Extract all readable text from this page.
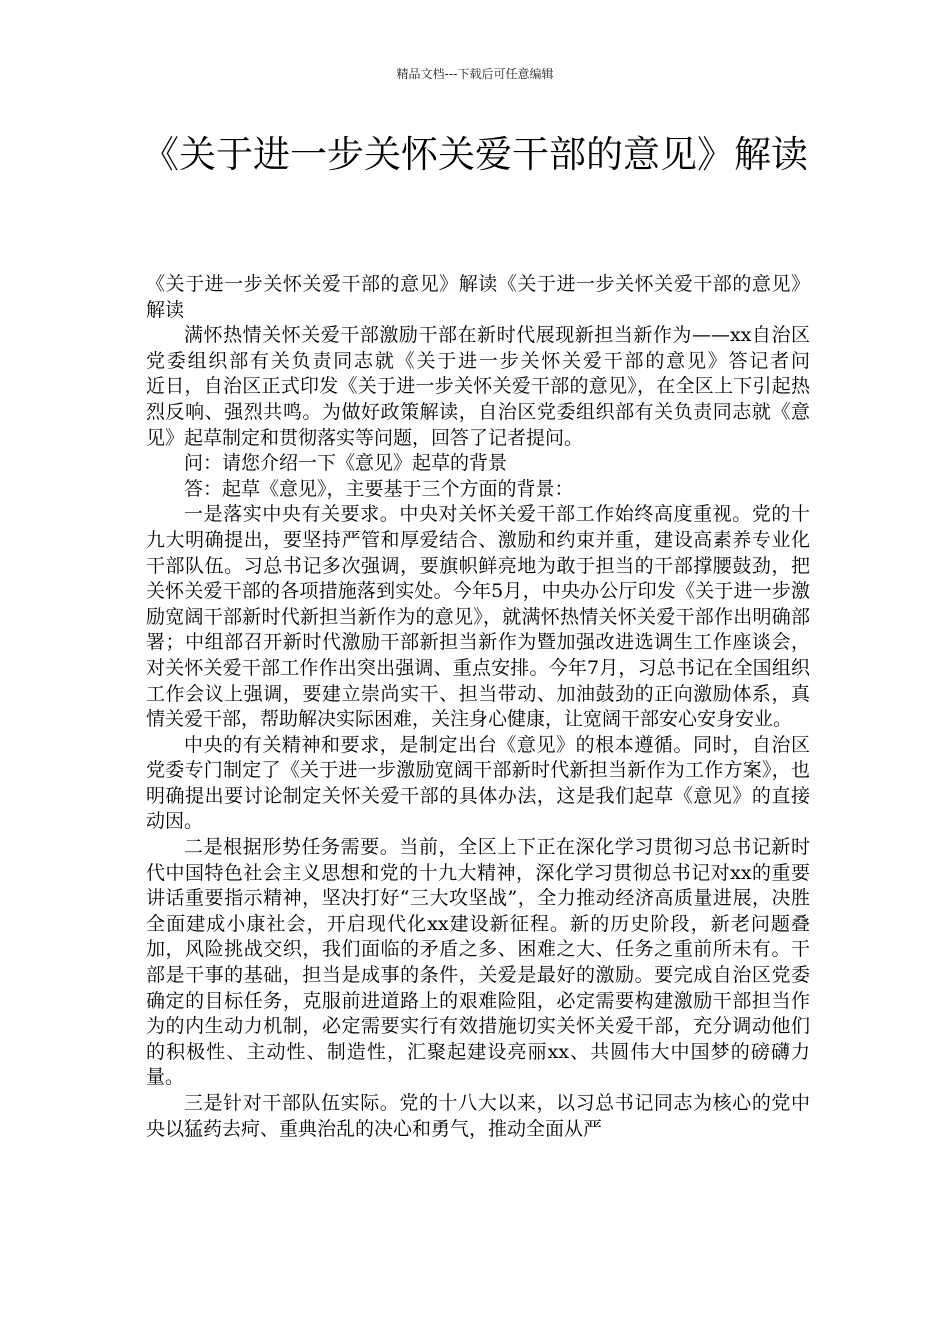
精品文档---下载后可任意编辑
《关于进一步关怀关爱干部的意见》解读

《关于进一步关怀关爱干部的意见》解读《关于进一步关怀关爱干部的意见》解读

满怀热情关怀关爱干部激励干部在新时代展现新担当新作为——xx自治区党委组织部有关负责同志就《关于进一步关怀关爱干部的意见》答记者问　　近日，自治区正式印发《关于进一步关怀关爱干部的意见》，在全区上下引起热烈反响、强烈共鸣。为做好政策解读，自治区党委组织部有关负责同志就《意见》起草制定和贯彻落实等问题，回答了记者提问。

问：请您介绍一下《意见》起草的背景

答：起草《意见》，主要基于三个方面的背景：

一是落实中央有关要求。中央对关怀关爱干部工作始终高度重视。党的十九大明确提出，要坚持严管和厚爱结合、激励和约束并重，建设高素养专业化干部队伍。习总书记多次强调，要旗帜鲜亮地为敢于担当的干部撑腰鼓劲，把关怀关爱干部的各项措施落到实处。今年5月，中央办公厅印发《关于进一步激励宽阔干部新时代新担当新作为的意见》，就满怀热情关怀关爱干部作出明确部署；中组部召开新时代激励干部新担当新作为暨加强改进选调生工作座谈会，对关怀关爱干部工作作出突出强调、重点安排。今年7月，习总书记在全国组织工作会议上强调，要建立崇尚实干、担当带动、加油鼓劲的正向激励体系，真情关爱干部，帮助解决实际困难，关注身心健康，让宽阔干部安心安身安业。

中央的有关精神和要求，是制定出台《意见》的根本遵循。同时，自治区党委专门制定了《关于进一步激励宽阔干部新时代新担当新作为工作方案》，也明确提出要讨论制定关怀关爱干部的具体办法，这是我们起草《意见》的直接动因。

二是根据形势任务需要。当前，全区上下正在深化学习贯彻习总书记新时代中国特色社会主义思想和党的十九大精神，深化学习贯彻总书记对xx的重要讲话重要指示精神，坚决打好“三大攻坚战”，全力推动经济高质量进展，决胜全面建成小康社会，开启现代化xx建设新征程。新的历史阶段，新老问题叠加，风险挑战交织，我们面临的矛盾之多、困难之大、任务之重前所未有。干部是干事的基础，担当是成事的条件，关爱是最好的激励。要完成自治区党委确定的目标任务，克服前进道路上的艰难险阻，必定需要构建激励干部担当作为的内生动力机制，必定需要实行有效措施切实关怀关爱干部，充分调动他们的积极性、主动性、制造性，汇聚起建设亮丽xx、共圆伟大中国梦的磅礴力量。

三是针对干部队伍实际。党的十八大以来，以习总书记同志为核心的党中央以猛药去疴、重典治乱的决心和勇气，推动全面从严
